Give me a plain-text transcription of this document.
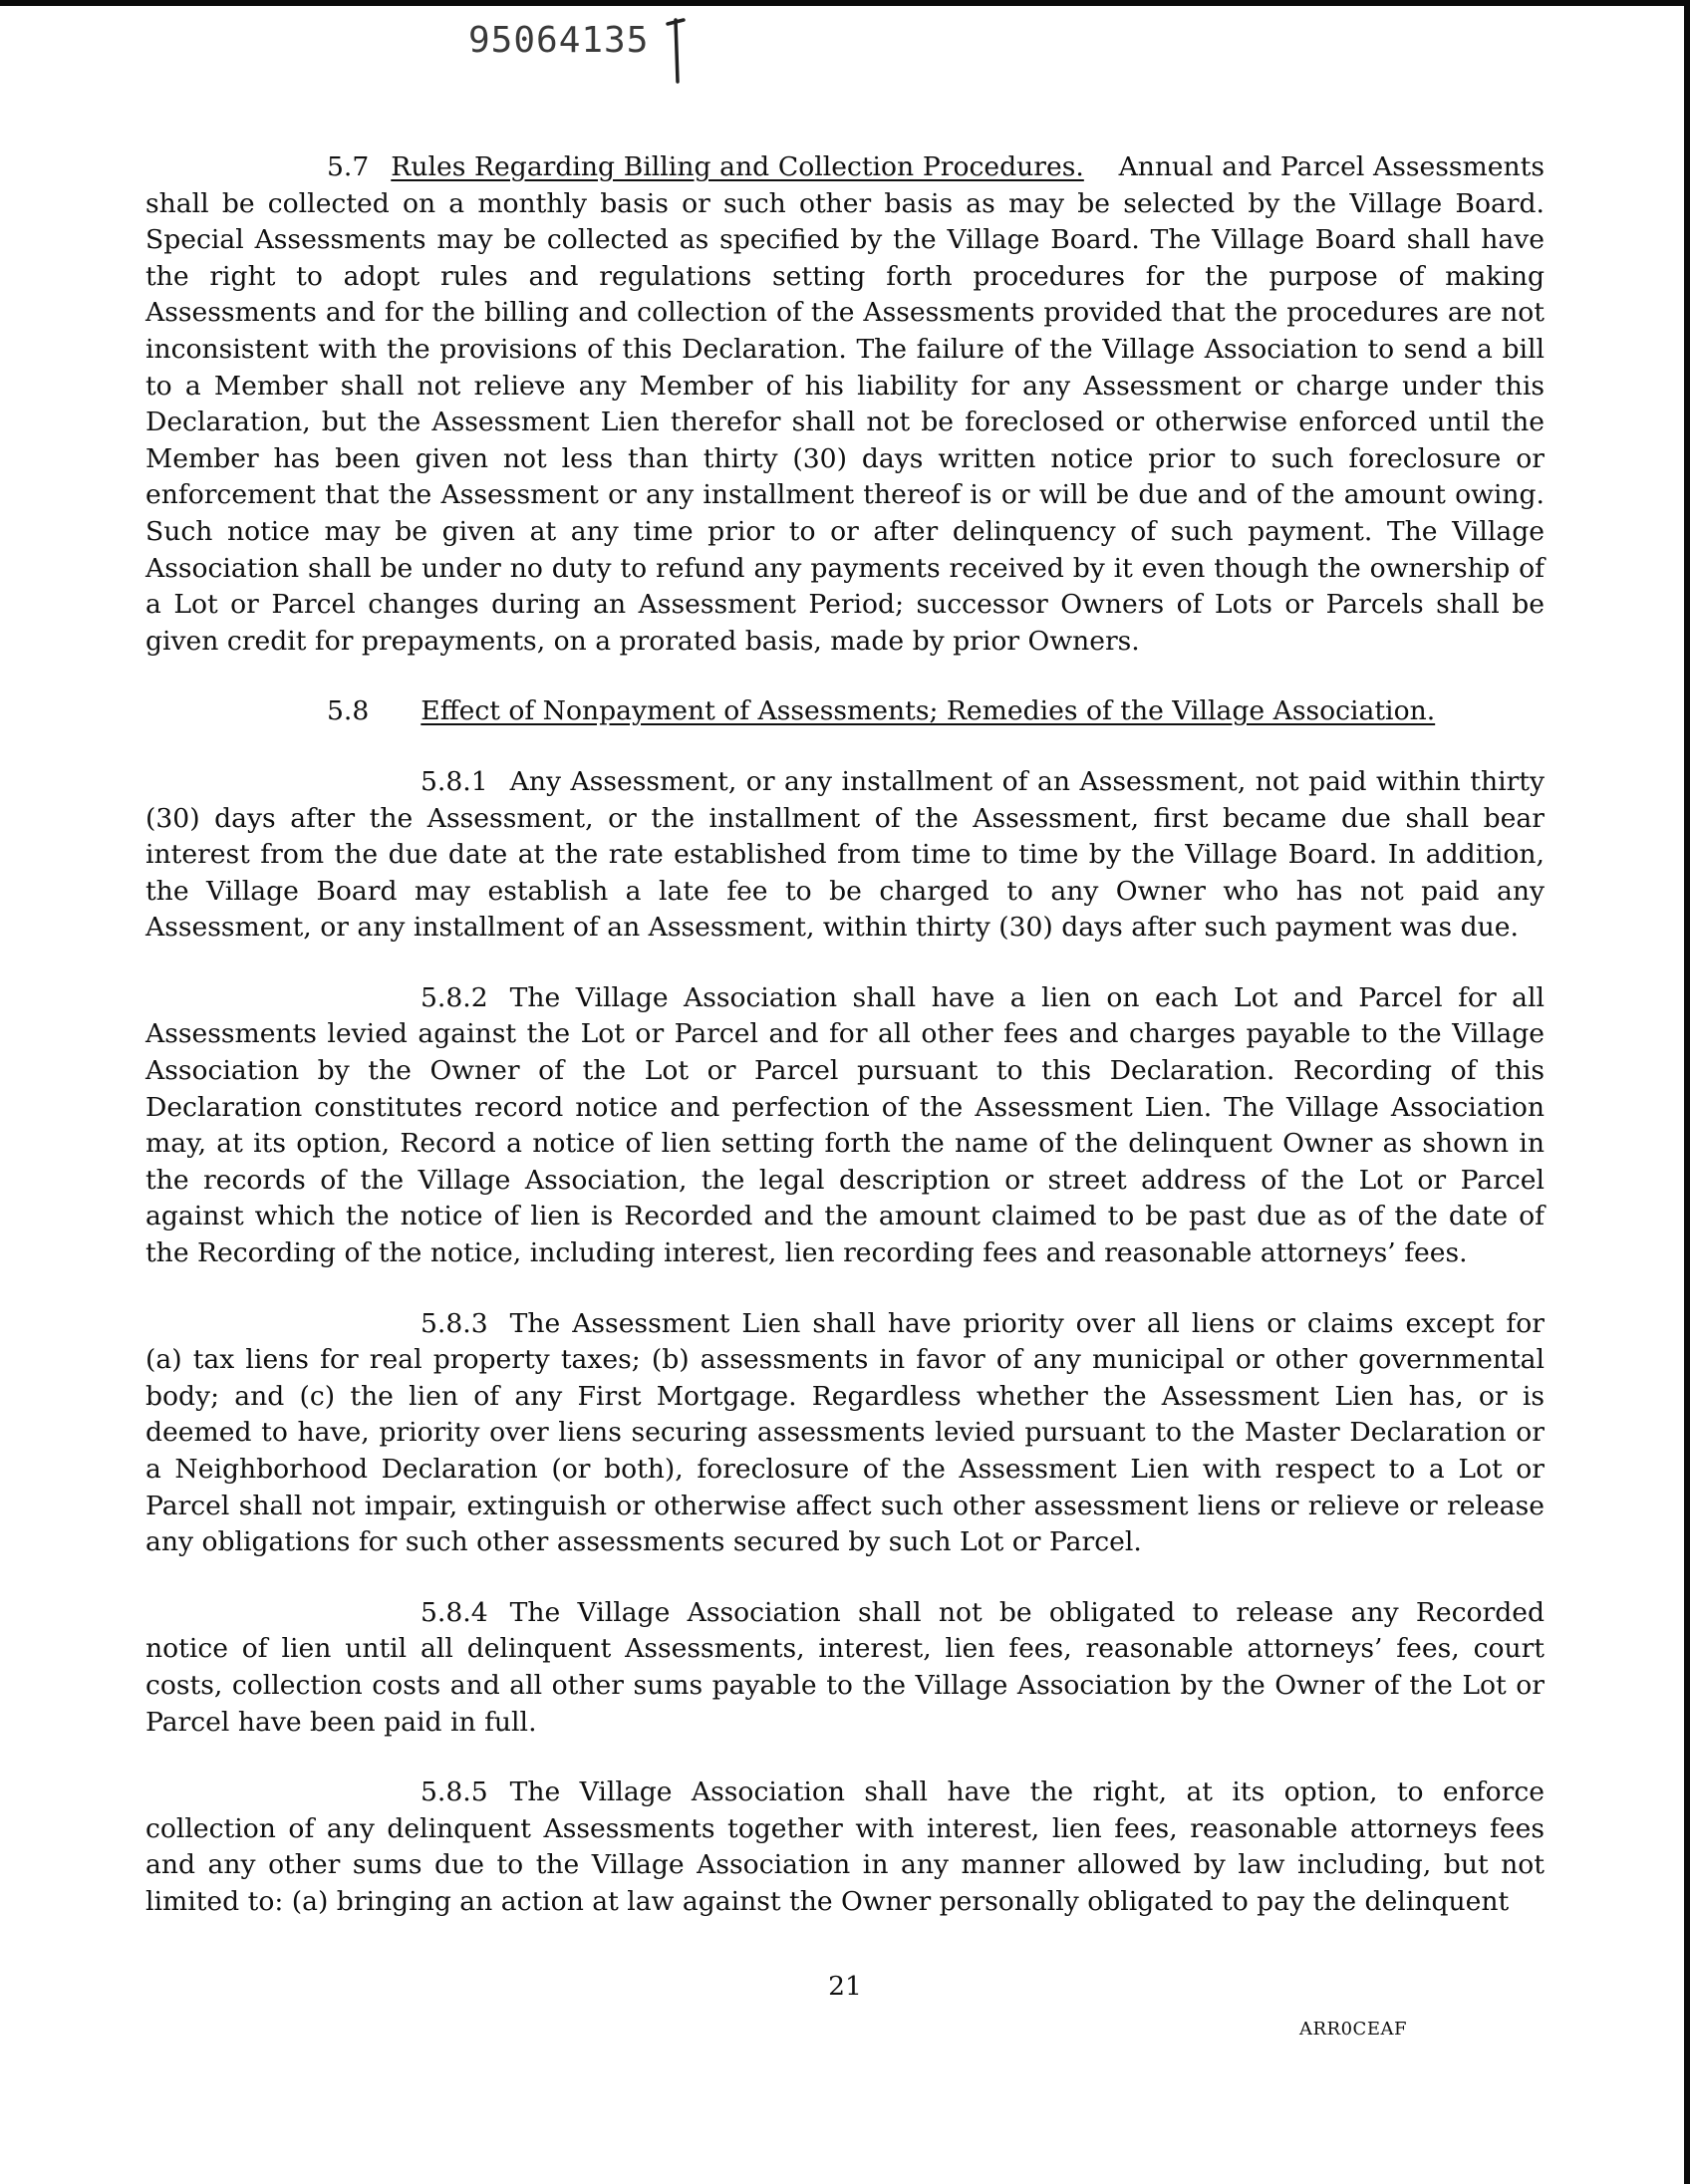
95064135

5.7 Rules Regarding Billing and Collection Procedures. Annual and Parcel Assessments shall be collected on a monthly basis or such other basis as may be selected by the Village Board. Special Assessments may be collected as specified by the Village Board. The Village Board shall have the right to adopt rules and regulations setting forth procedures for the purpose of making Assessments and for the billing and collection of the Assessments provided that the procedures are not inconsistent with the provisions of this Declaration. The failure of the Village Association to send a bill to a Member shall not relieve any Member of his liability for any Assessment or charge under this Declaration, but the Assessment Lien therefor shall not be foreclosed or otherwise enforced until the Member has been given not less than thirty (30) days written notice prior to such foreclosure or enforcement that the Assessment or any installment thereof is or will be due and of the amount owing. Such notice may be given at any time prior to or after delinquency of such payment. The Village Association shall be under no duty to refund any payments received by it even though the ownership of a Lot or Parcel changes during an Assessment Period; successor Owners of Lots or Parcels shall be given credit for prepayments, on a prorated basis, made by prior Owners.

5.8 Effect of Nonpayment of Assessments; Remedies of the Village Association.

5.8.1 Any Assessment, or any installment of an Assessment, not paid within thirty (30) days after the Assessment, or the installment of the Assessment, first became due shall bear interest from the due date at the rate established from time to time by the Village Board. In addition, the Village Board may establish a late fee to be charged to any Owner who has not paid any Assessment, or any installment of an Assessment, within thirty (30) days after such payment was due.

5.8.2 The Village Association shall have a lien on each Lot and Parcel for all Assessments levied against the Lot or Parcel and for all other fees and charges payable to the Village Association by the Owner of the Lot or Parcel pursuant to this Declaration. Recording of this Declaration constitutes record notice and perfection of the Assessment Lien. The Village Association may, at its option, Record a notice of lien setting forth the name of the delinquent Owner as shown in the records of the Village Association, the legal description or street address of the Lot or Parcel against which the notice of lien is Recorded and the amount claimed to be past due as of the date of the Recording of the notice, including interest, lien recording fees and reasonable attorneys’ fees.

5.8.3 The Assessment Lien shall have priority over all liens or claims except for (a) tax liens for real property taxes; (b) assessments in favor of any municipal or other governmental body; and (c) the lien of any First Mortgage. Regardless whether the Assessment Lien has, or is deemed to have, priority over liens securing assessments levied pursuant to the Master Declaration or a Neighborhood Declaration (or both), foreclosure of the Assessment Lien with respect to a Lot or Parcel shall not impair, extinguish or otherwise affect such other assessment liens or relieve or release any obligations for such other assessments secured by such Lot or Parcel.

5.8.4 The Village Association shall not be obligated to release any Recorded notice of lien until all delinquent Assessments, interest, lien fees, reasonable attorneys’ fees, court costs, collection costs and all other sums payable to the Village Association by the Owner of the Lot or Parcel have been paid in full.

5.8.5 The Village Association shall have the right, at its option, to enforce collection of any delinquent Assessments together with interest, lien fees, reasonable attorneys fees and any other sums due to the Village Association in any manner allowed by law including, but not limited to: (a) bringing an action at law against the Owner personally obligated to pay the delinquent

21
ARR0CEAF
